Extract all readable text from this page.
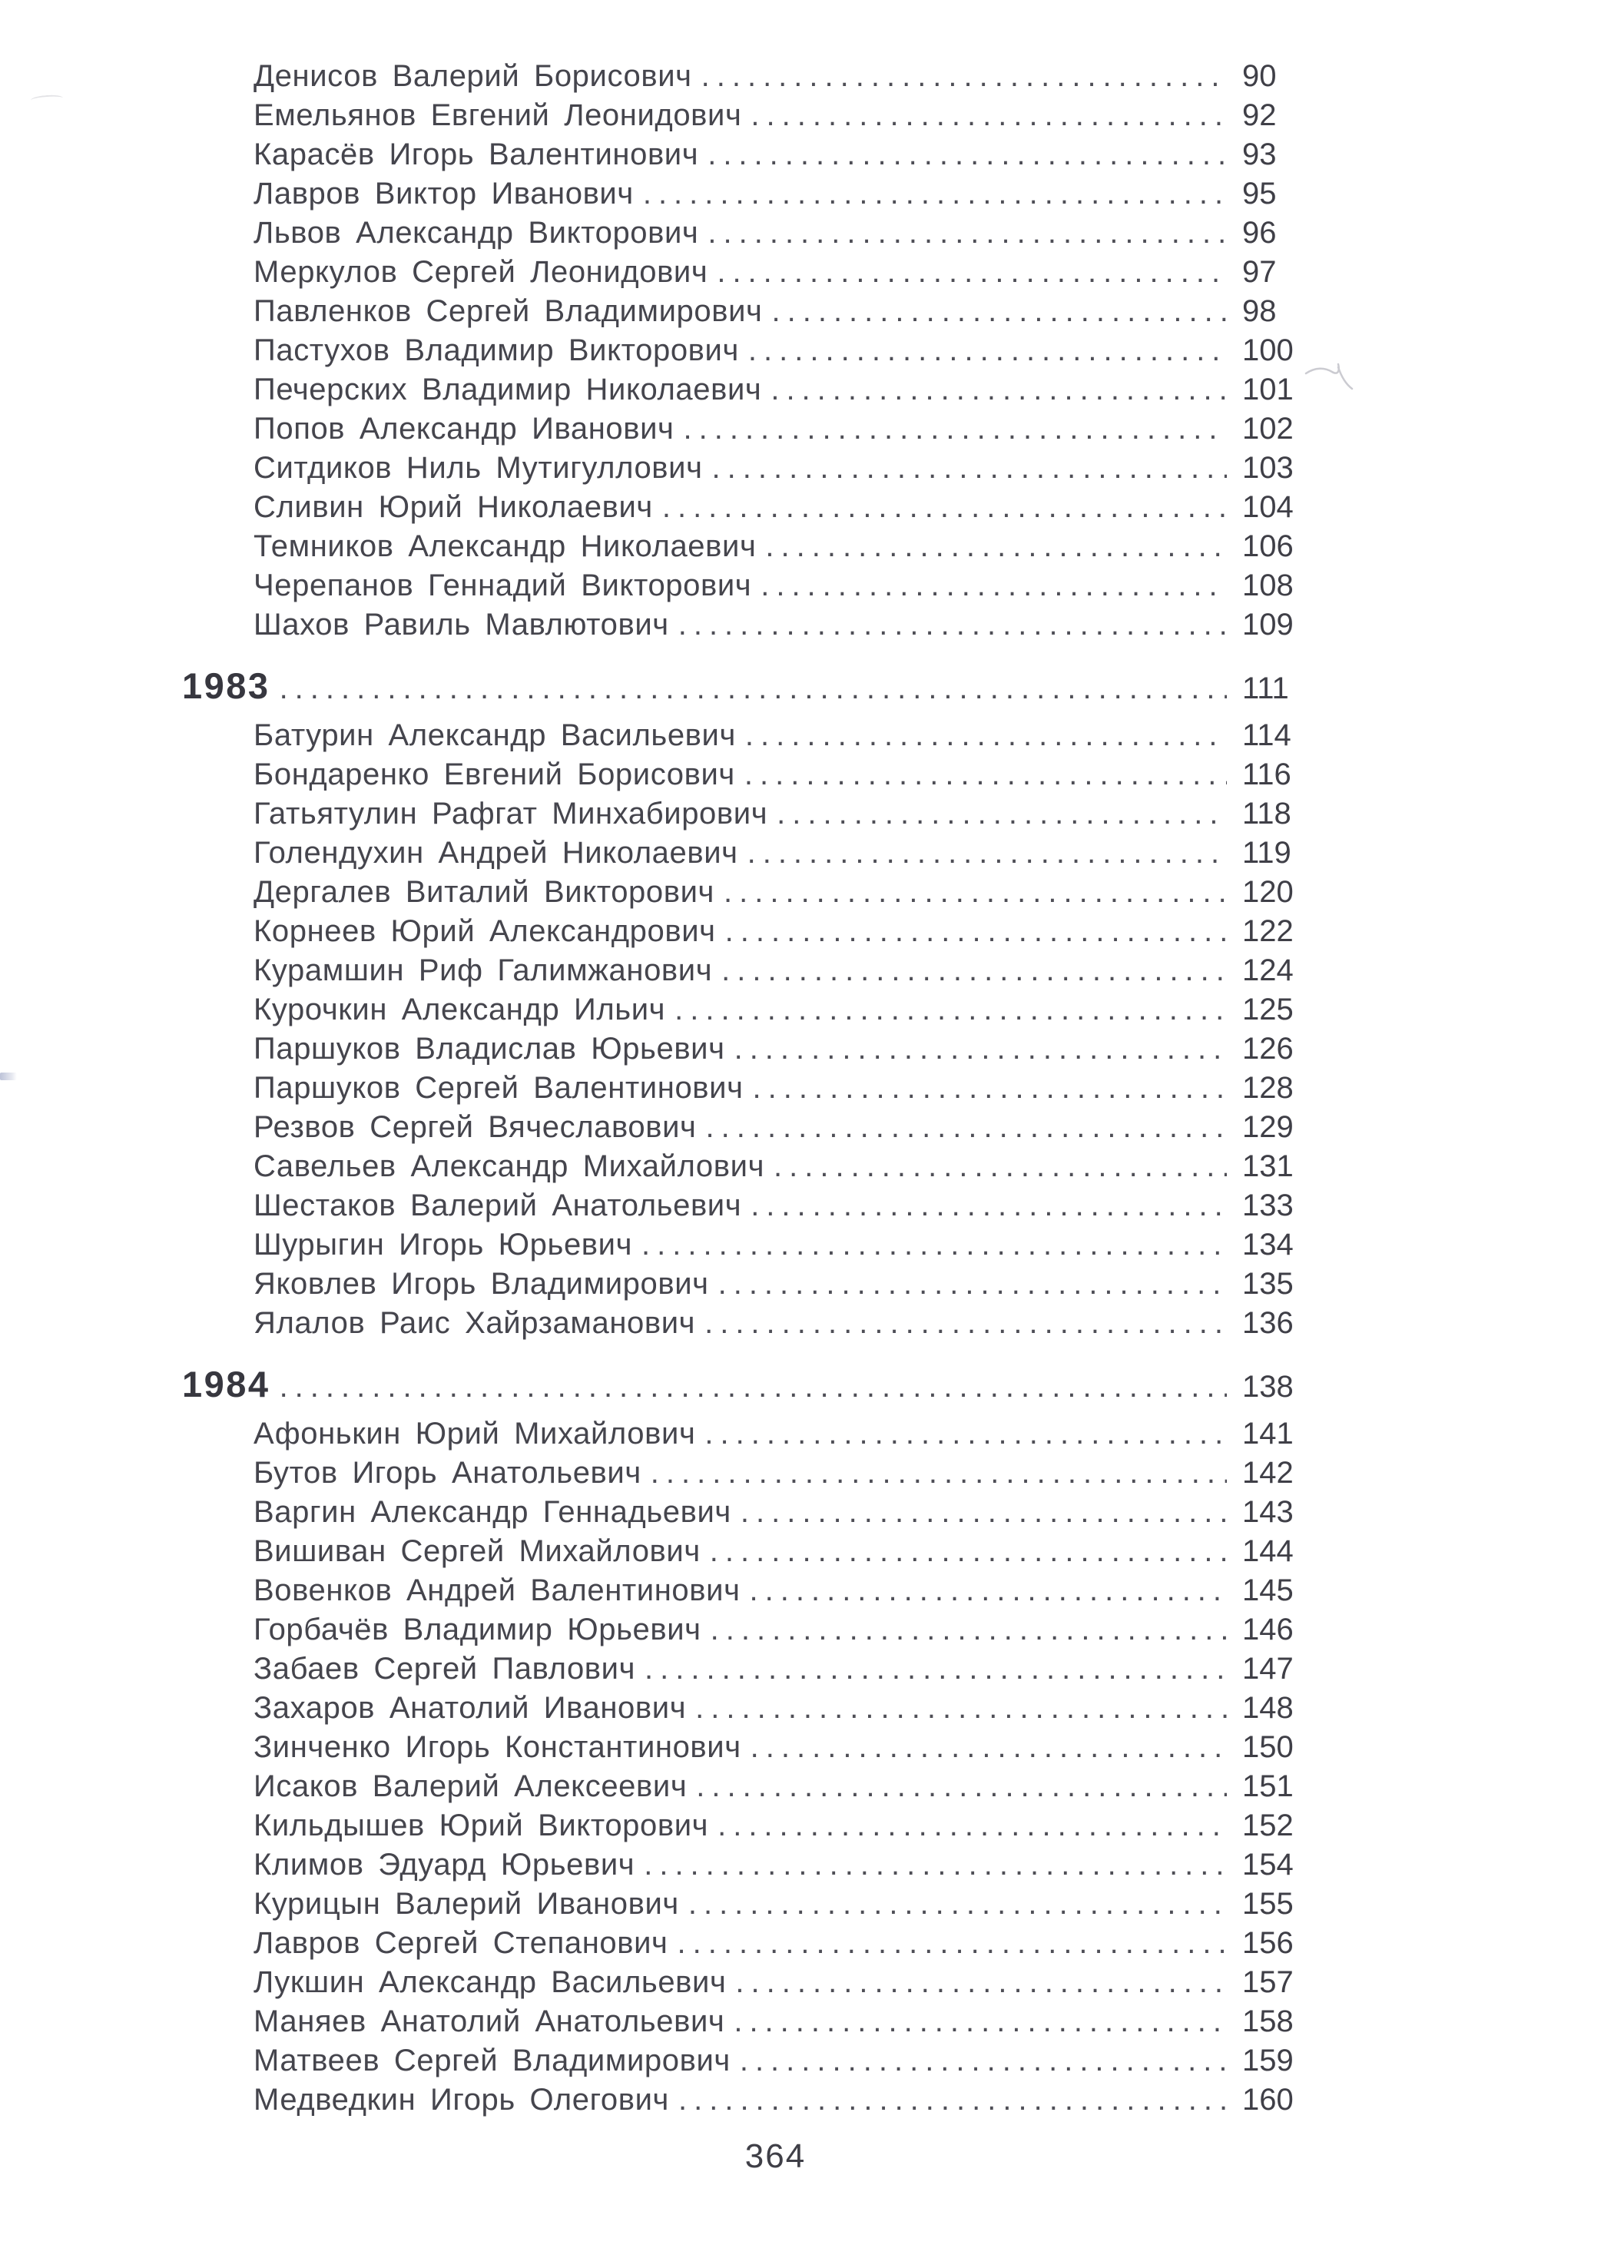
Денисов Валерий Борисович .....	90
Емельянов Евгений Леонидович .....	92
Карасёв Игорь Валентинович .....	93
Лавров Виктор Иванович .....	95
Львов Александр Викторович .....	96
Меркулов Сергей Леонидович .....	97
Павленков Сергей Владимирович .....	98
Пастухов Владимир Викторович .....	100
Печерских Владимир Николаевич .....	101
Попов Александр Иванович .....	102
Ситдиков Ниль Мутигуллович .....	103
Сливин Юрий Николаевич .....	104
Темников Александр Николаевич .....	106
Черепанов Геннадий Викторович .....	108
Шахов Равиль Мавлютович .....	109
1983 .....	111
Батурин Александр Васильевич .....	114
Бондаренко Евгений Борисович .....	116
Гатьятулин Рафгат Минхабирович .....	118
Голендухин Андрей Николаевич .....	119
Дергалев Виталий Викторович .....	120
Корнеев Юрий Александрович .....	122
Курамшин Риф Галимжанович .....	124
Курочкин Александр Ильич .....	125
Паршуков Владислав Юрьевич .....	126
Паршуков Сергей Валентинович .....	128
Резвов Сергей Вячеславович .....	129
Савельев Александр Михайлович .....	131
Шестаков Валерий Анатольевич .....	133
Шурыгин Игорь Юрьевич .....	134
Яковлев Игорь Владимирович .....	135
Ялалов Раис Хайрзаманович .....	136
1984 .....	138
Афонькин Юрий Михайлович .....	141
Бутов Игорь Анатольевич .....	142
Варгин Александр Геннадьевич .....	143
Вишиван Сергей Михайлович .....	144
Вовенков Андрей Валентинович .....	145
Горбачёв Владимир Юрьевич .....	146
Забаев Сергей Павлович .....	147
Захаров Анатолий Иванович .....	148
Зинченко Игорь Константинович .....	150
Исаков Валерий Алексеевич .....	151
Кильдышев Юрий Викторович .....	152
Климов Эдуард Юрьевич .....	154
Курицын Валерий Иванович .....	155
Лавров Сергей Степанович .....	156
Лукшин Александр Васильевич .....	157
Маняев Анатолий Анатольевич .....	158
Матвеев Сергей Владимирович .....	159
Медведкин Игорь Олегович .....	160
364
